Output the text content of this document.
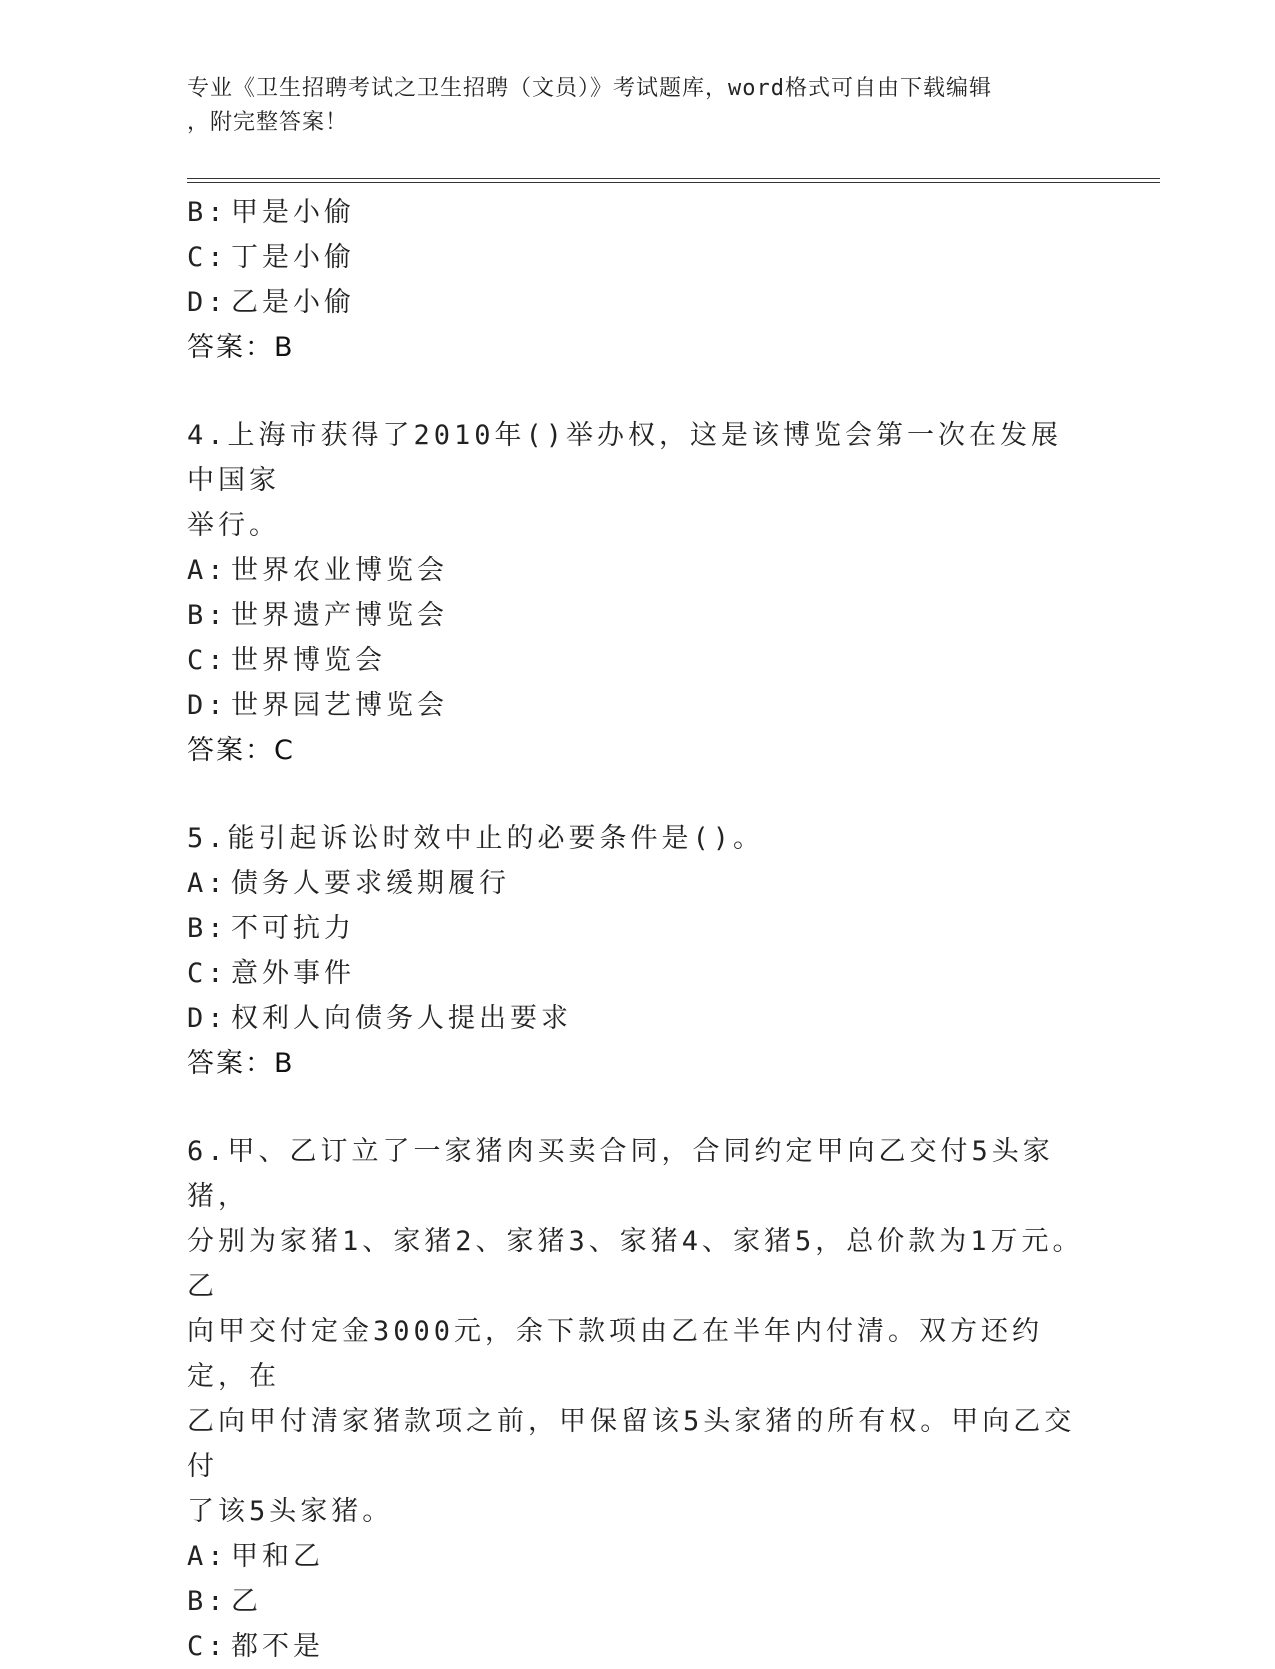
专业《卫生招聘考试之卫生招聘（文员）》考试题库，word格式可自由下载编辑
，附完整答案！
B: 甲是小偷
C: 丁是小偷
D: 乙是小偷
答案：B
4.上海市获得了2010年()举办权，这是该博览会第一次在发展中国家
举行。
A: 世界农业博览会
B: 世界遗产博览会
C: 世界博览会
D: 世界园艺博览会
答案：C
5.能引起诉讼时效中止的必要条件是()。
A: 债务人要求缓期履行
B: 不可抗力
C: 意外事件
D: 权利人向债务人提出要求
答案：B
6.甲、乙订立了一家猪肉买卖合同，合同约定甲向乙交付5头家猪，
分别为家猪1、家猪2、家猪3、家猪4、家猪5，总价款为1万元。乙
向甲交付定金3000元，余下款项由乙在半年内付清。双方还约定，在
乙向甲付清家猪款项之前，甲保留该5头家猪的所有权。甲向乙交付
了该5头家猪。
A: 甲和乙
B: 乙
C: 都不是
